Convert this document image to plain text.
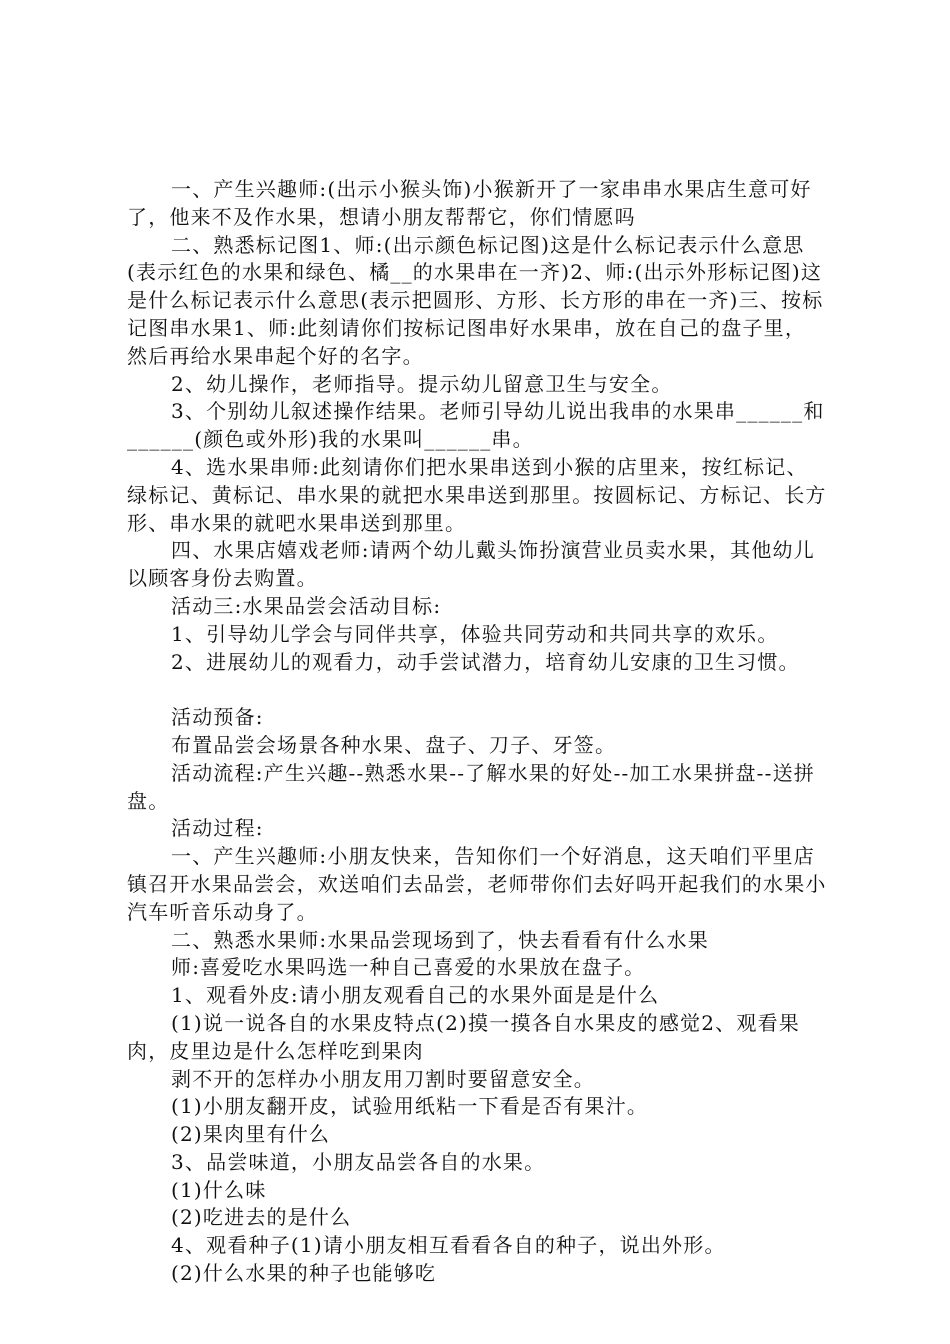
一、产生兴趣师:(出示小猴头饰)小猴新开了一家串串水果店生意可好了，他来不及作水果，想请小朋友帮帮它，你们情愿吗

二、熟悉标记图1、师:(出示颜色标记图)这是什么标记表示什么意思(表示红色的水果和绿色、橘__的水果串在一齐)2、师:(出示外形标记图)这是什么标记表示什么意思(表示把圆形、方形、长方形的串在一齐)三、按标记图串水果1、师:此刻请你们按标记图串好水果串，放在自己的盘子里，然后再给水果串起个好的名字。

2、幼儿操作，老师指导。提示幼儿留意卫生与安全。

3、个别幼儿叙述操作结果。老师引导幼儿说出我串的水果串______和______(颜色或外形)我的水果叫______串。

4、选水果串师:此刻请你们把水果串送到小猴的店里来，按红标记、绿标记、黄标记、串水果的就把水果串送到那里。按圆标记、方标记、长方形、串水果的就吧水果串送到那里。

四、水果店嬉戏老师:请两个幼儿戴头饰扮演营业员卖水果，其他幼儿以顾客身份去购置。

活动三:水果品尝会活动目标:

1、引导幼儿学会与同伴共享，体验共同劳动和共同共享的欢乐。

2、进展幼儿的观看力，动手尝试潜力，培育幼儿安康的卫生习惯。

活动预备:

布置品尝会场景各种水果、盘子、刀子、牙签。

活动流程:产生兴趣--熟悉水果--了解水果的好处--加工水果拼盘--送拼盘。

活动过程:

一、产生兴趣师:小朋友快来，告知你们一个好消息，这天咱们平里店镇召开水果品尝会，欢送咱们去品尝，老师带你们去好吗开起我们的水果小汽车听音乐动身了。

二、熟悉水果师:水果品尝现场到了，快去看看有什么水果

师:喜爱吃水果吗选一种自己喜爱的水果放在盘子。

1、观看外皮:请小朋友观看自己的水果外面是是什么

(1)说一说各自的水果皮特点(2)摸一摸各自水果皮的感觉2、观看果肉，皮里边是什么怎样吃到果肉

剥不开的怎样办小朋友用刀割时要留意安全。

(1)小朋友翻开皮，试验用纸粘一下看是否有果汁。

(2)果肉里有什么

3、品尝味道，小朋友品尝各自的水果。

(1)什么味

(2)吃进去的是什么

4、观看种子(1)请小朋友相互看看各自的种子，说出外形。

(2)什么水果的种子也能够吃
